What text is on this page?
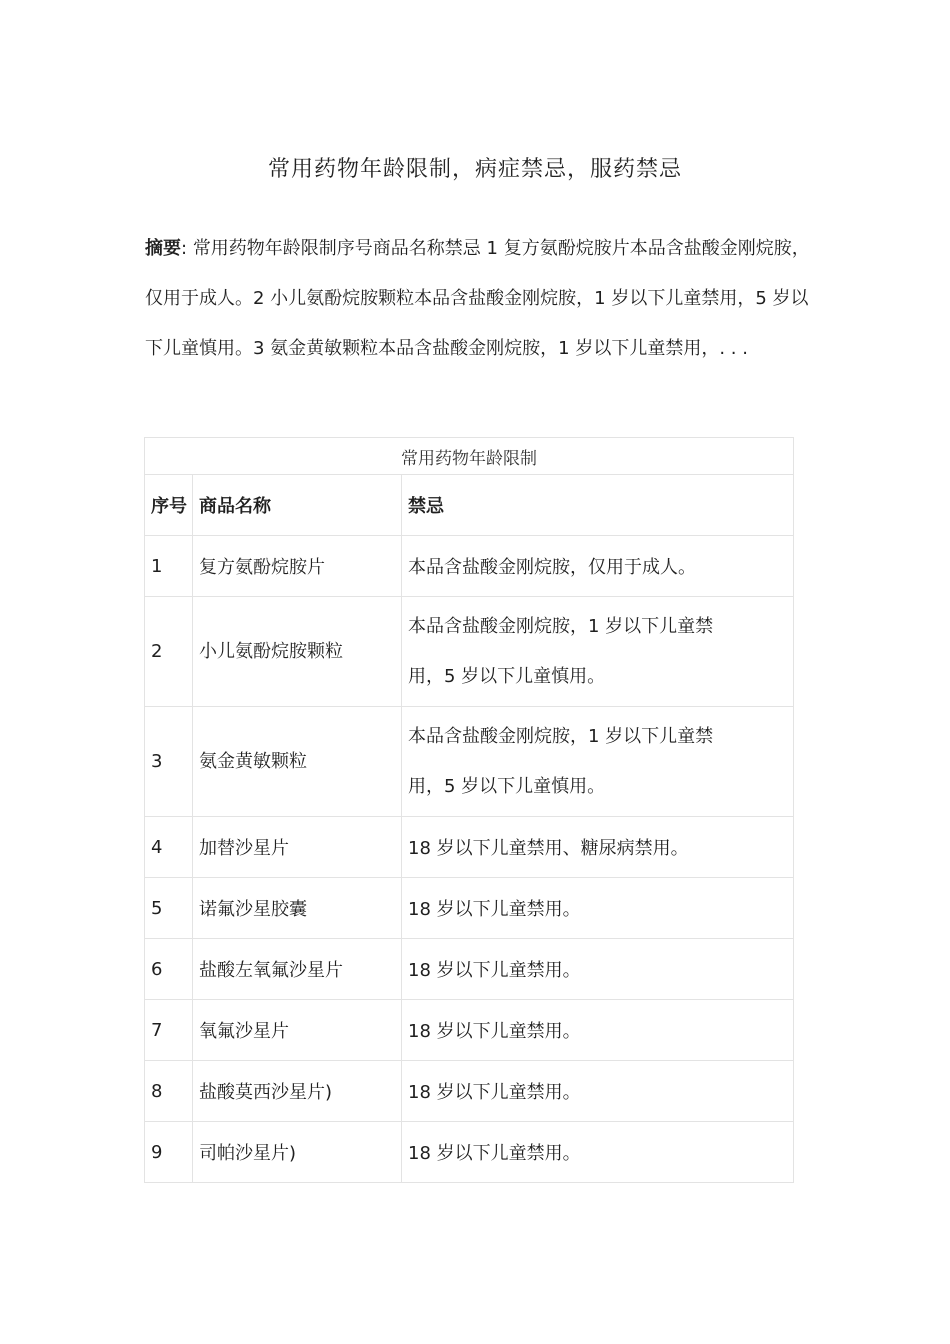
常用药物年龄限制，病症禁忌，服药禁忌
摘要: 常用药物年龄限制序号商品名称禁忌 1 复方氨酚烷胺片本品含盐酸金刚烷胺，仅用于成人。2 小儿氨酚烷胺颗粒本品含盐酸金刚烷胺，1 岁以下儿童禁用，5 岁以下儿童慎用。3 氨金黄敏颗粒本品含盐酸金刚烷胺，1 岁以下儿童禁用，. . .
常用药物年龄限制		
序号	商品名称	禁忌
1	复方氨酚烷胺片	本品含盐酸金刚烷胺，仅用于成人。
2	小儿氨酚烷胺颗粒	本品含盐酸金刚烷胺，1 岁以下儿童禁
用，5 岁以下儿童慎用。

3	氨金黄敏颗粒	本品含盐酸金刚烷胺，1 岁以下儿童禁
用，5 岁以下儿童慎用。

4	加替沙星片	18 岁以下儿童禁用、糖尿病禁用。
5	诺氟沙星胶囊	18 岁以下儿童禁用。
6	盐酸左氧氟沙星片	18 岁以下儿童禁用。
7	氧氟沙星片	18 岁以下儿童禁用。
8	盐酸莫西沙星片)	18 岁以下儿童禁用。
9	司帕沙星片)	18 岁以下儿童禁用。
